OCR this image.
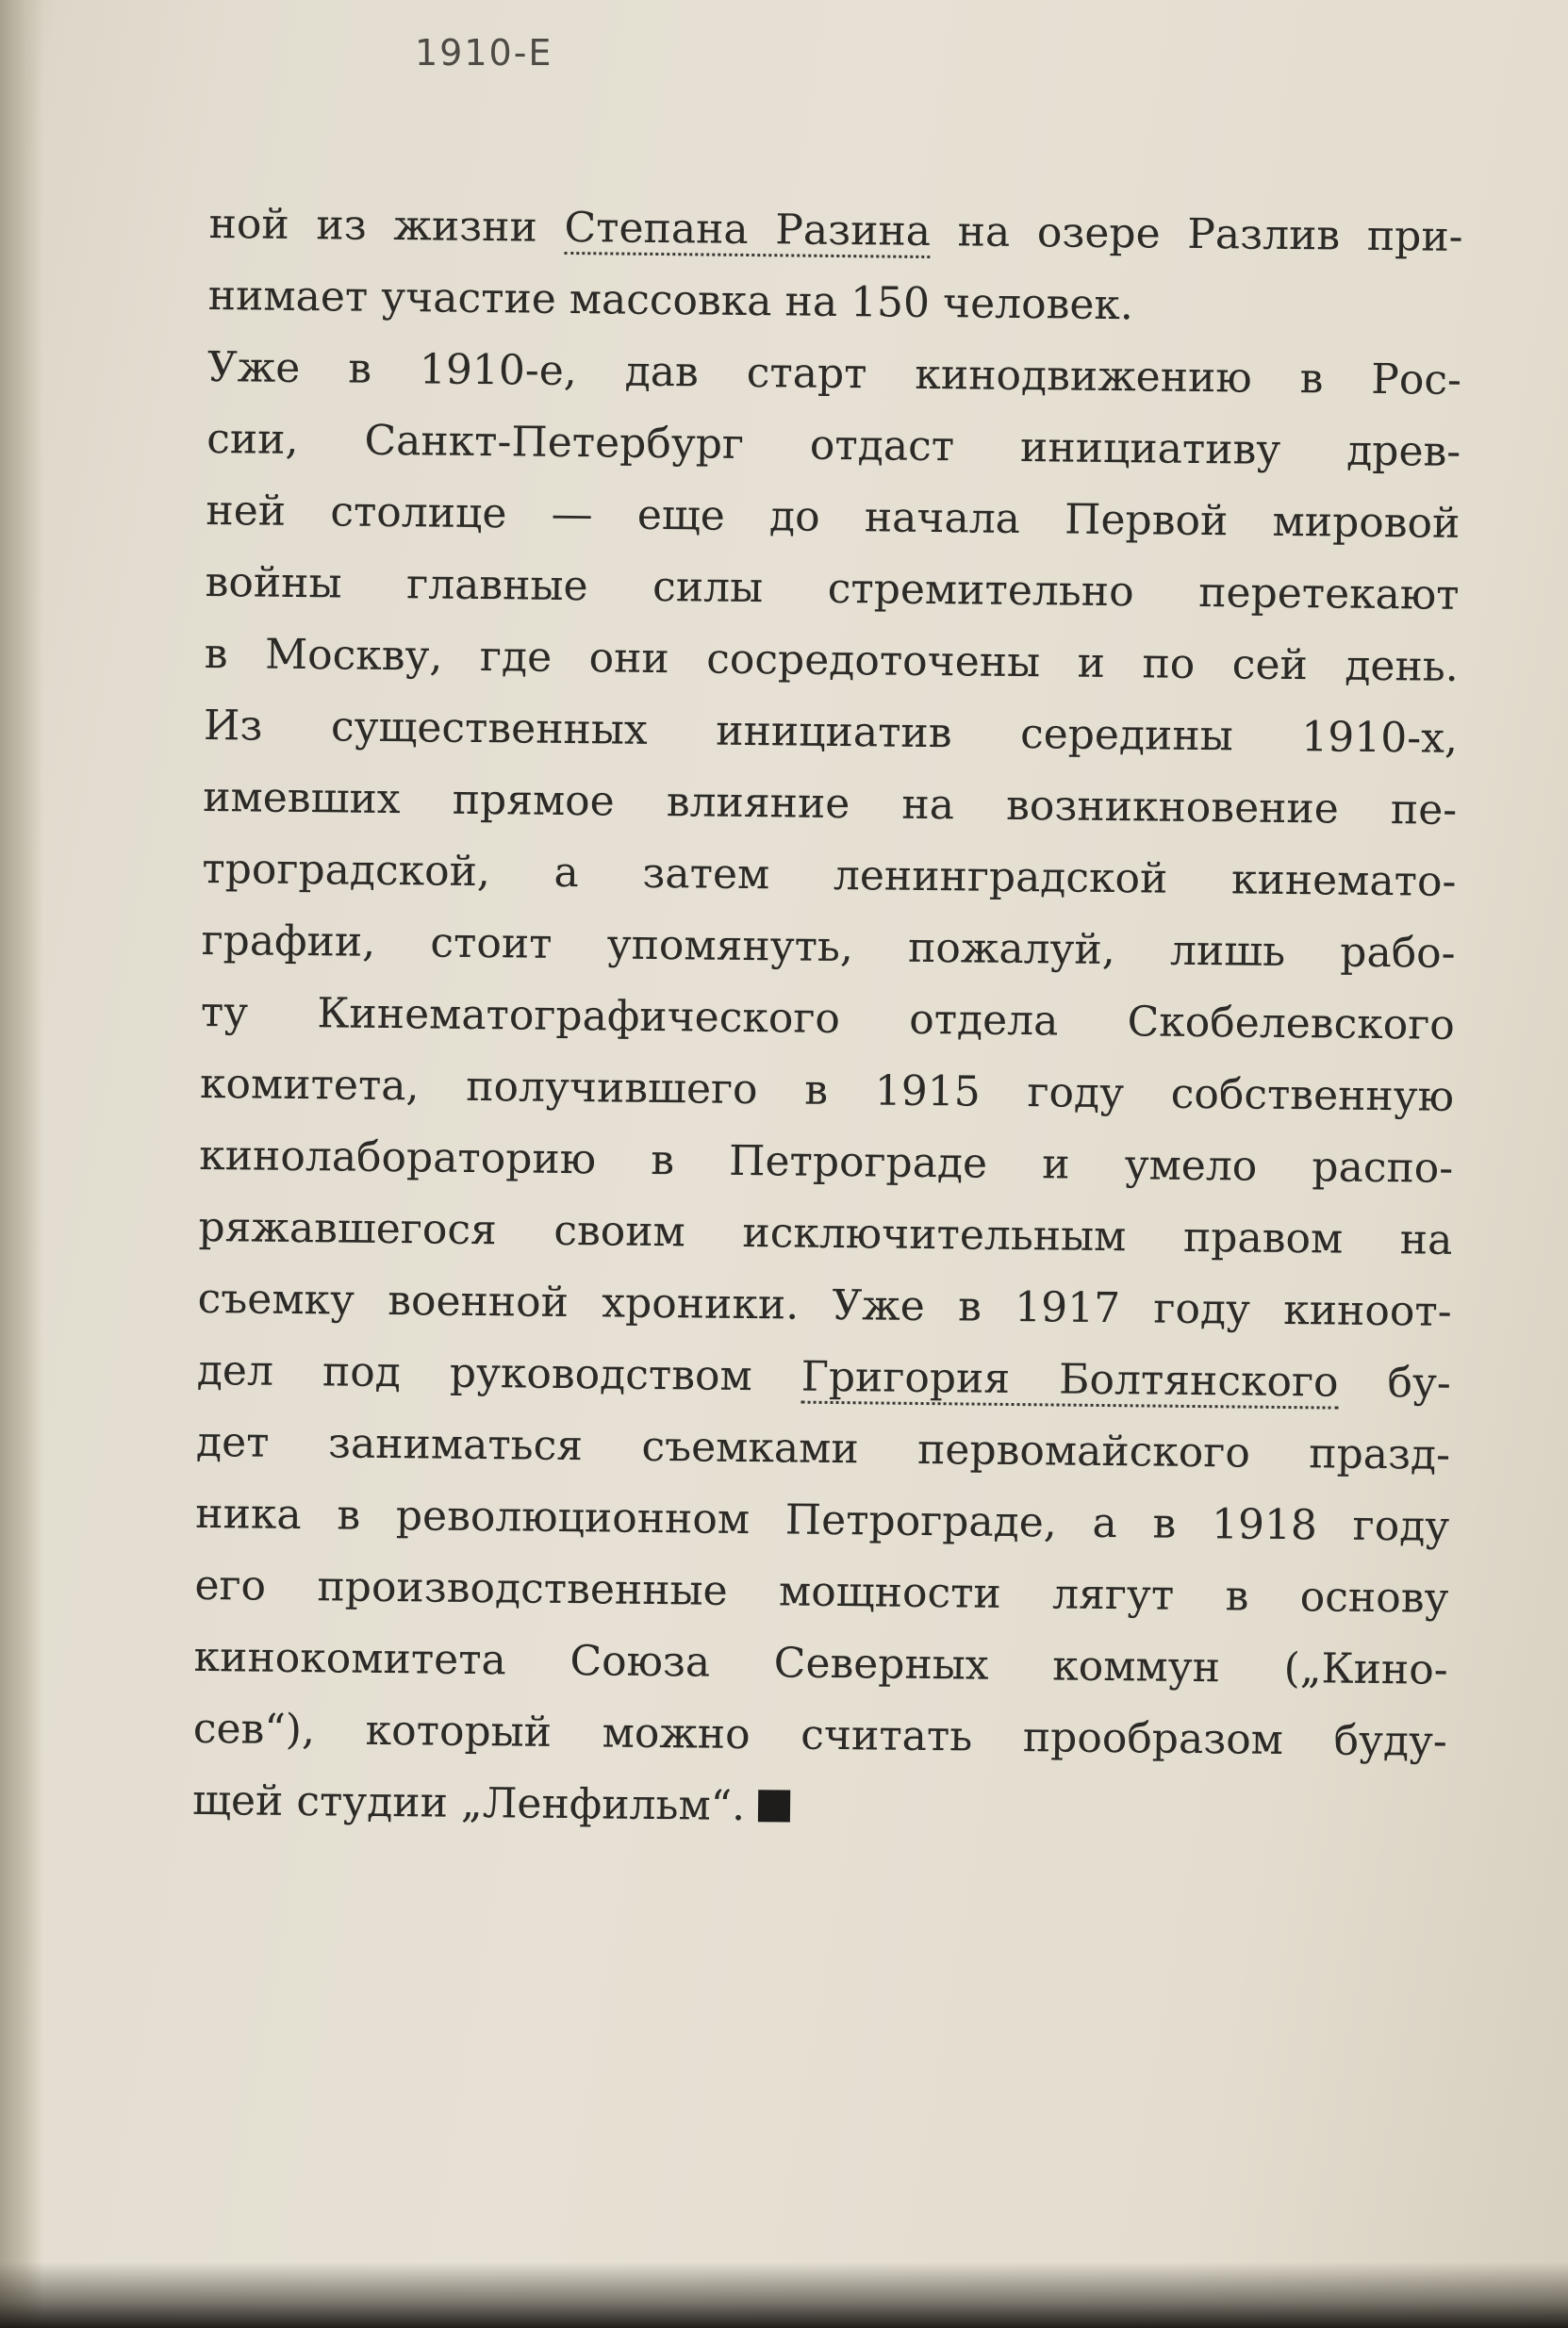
1910-Е
ной из жизни Степана Разина на озере Разлив при-
нимает участие массовка на 150 человек.
Уже в 1910-е, дав старт кинодвижению в Рос-
сии, Санкт-Петербург отдаст инициативу древ-
ней столице — еще до начала Первой мировой
войны главные силы стремительно перетекают
в Москву, где они сосредоточены и по сей день.
Из существенных инициатив середины 1910-х,
имевших прямое влияние на возникновение пе-
троградской, а затем ленинградской кинемато-
графии, стоит упомянуть, пожалуй, лишь рабо-
ту Кинематографического отдела Скобелевского
комитета, получившего в 1915 году собственную
кинолабораторию в Петрограде и умело распо-
ряжавшегося своим исключительным правом на
съемку военной хроники. Уже в 1917 году киноот-
дел под руководством Григория Болтянского бу-
дет заниматься съемками первомайского празд-
ника в революционном Петрограде, а в 1918 году
его производственные мощности лягут в основу
кинокомитета Союза Северных коммун („Кино-
сев“), который можно считать прообразом буду-
щей студии „Ленфильм“.
